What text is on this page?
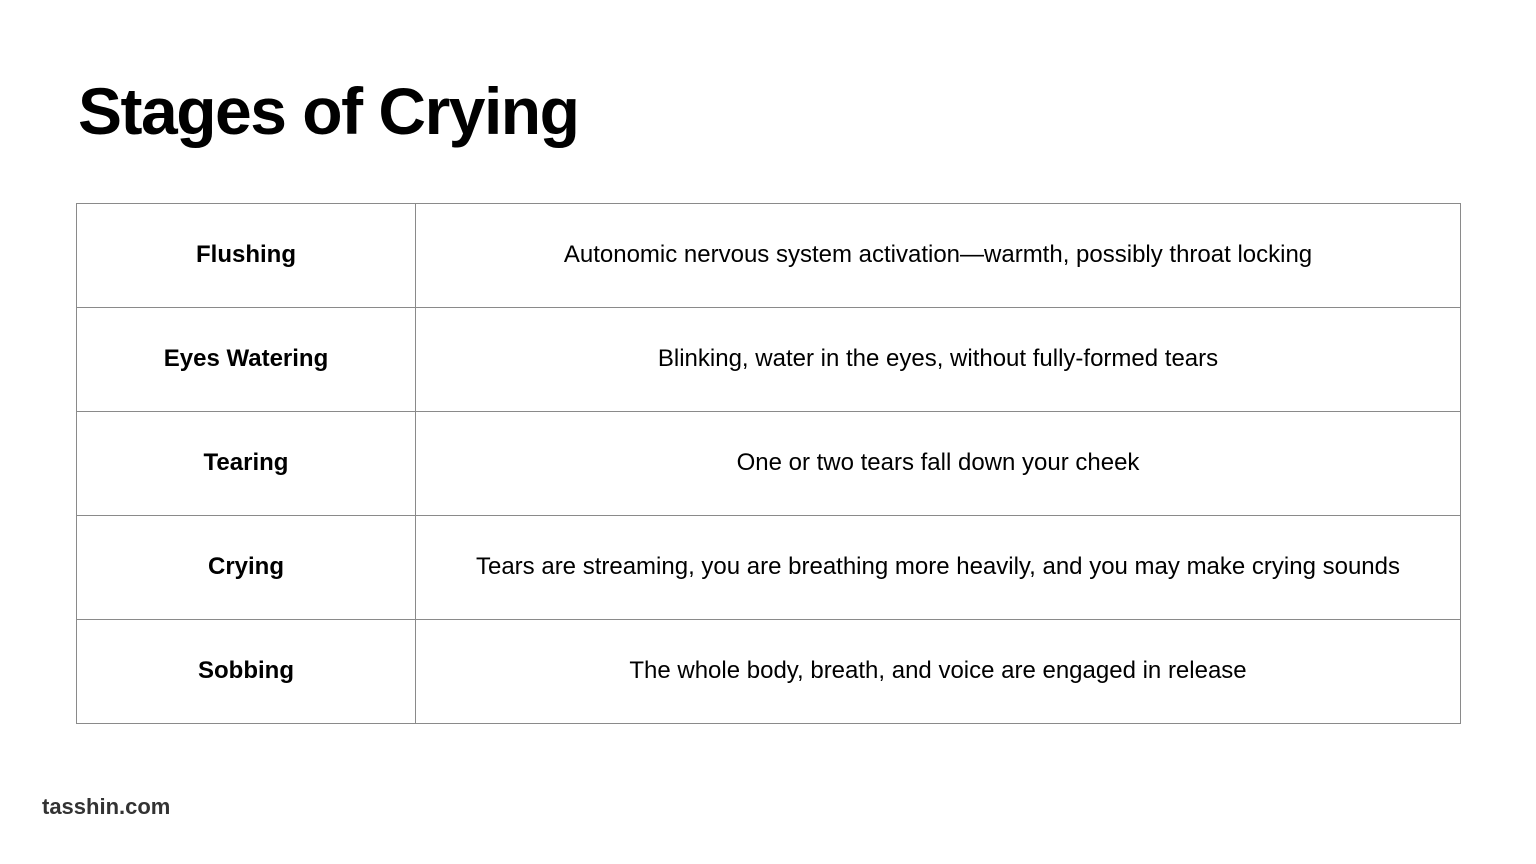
Stages of Crying
Flushing	Autonomic nervous system activation—warmth, possibly throat locking
Eyes Watering	Blinking, water in the eyes, without fully-formed tears
Tearing	One or two tears fall down your cheek
Crying	Tears are streaming, you are breathing more heavily, and you may make crying sounds
Sobbing	The whole body, breath, and voice are engaged in release
tasshin.com
